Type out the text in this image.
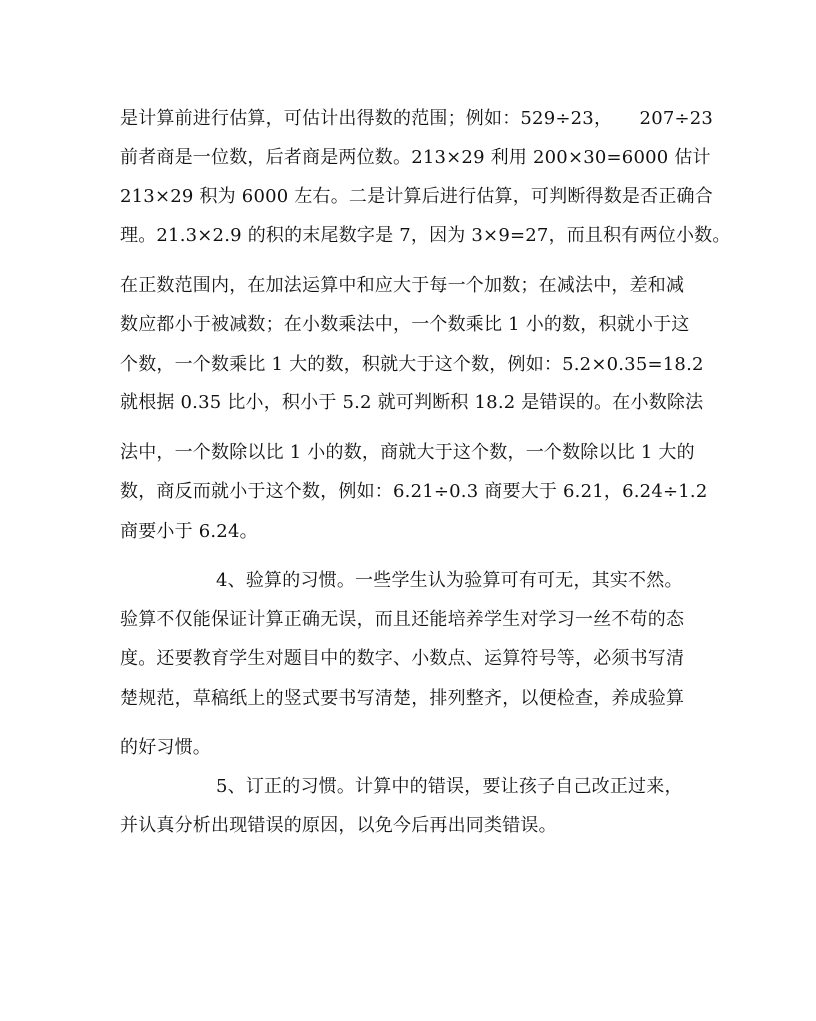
是计算前进行估算，可估计出得数的范围；例如：529÷23，　　207÷23
前者商是一位数，后者商是两位数。213×29 利用 200×30=6000 估计
213×29 积为 6000 左右。二是计算后进行估算，可判断得数是否正确合
理。21.3×2.9 的积的末尾数字是 7，因为 3×9=27，而且积有两位小数。
在正数范围内，在加法运算中和应大于每一个加数；在减法中，差和减
数应都小于被减数；在小数乘法中，一个数乘比 1 小的数，积就小于这
个数，一个数乘比 1 大的数，积就大于这个数，例如：5.2×0.35=18.2
就根据 0.35 比小，积小于 5.2 就可判断积 18.2 是错误的。在小数除法
法中，一个数除以比 1 小的数，商就大于这个数，一个数除以比 1 大的
数，商反而就小于这个数，例如：6.21÷0.3 商要大于 6.21，6.24÷1.2
商要小于 6.24。
4、验算的习惯。一些学生认为验算可有可无，其实不然。
验算不仅能保证计算正确无误，而且还能培养学生对学习一丝不苟的态
度。还要教育学生对题目中的数字、小数点、运算符号等，必须书写清
楚规范，草稿纸上的竖式要书写清楚，排列整齐，以便检查，养成验算
的好习惯。
5、订正的习惯。计算中的错误，要让孩子自己改正过来，
并认真分析出现错误的原因，以免今后再出同类错误。
